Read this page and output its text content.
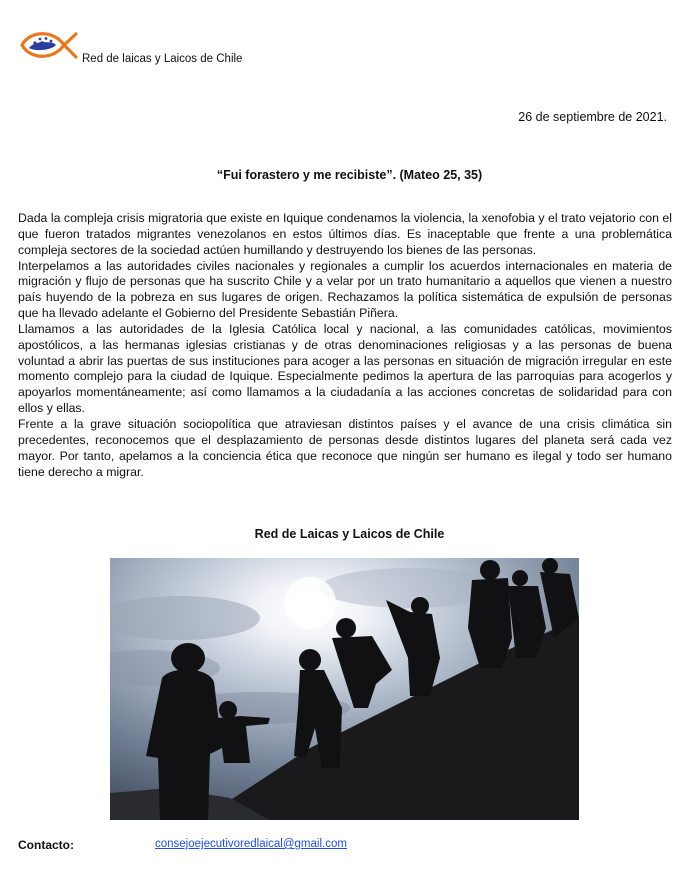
Red de laicas y Laicos de Chile
26 de septiembre de 2021.
“Fui forastero y me recibiste”. (Mateo 25, 35)

Dada la compleja crisis migratoria que existe en Iquique condenamos la violencia, la xenofobia y el trato vejatorio con el que fueron tratados migrantes venezolanos en estos últimos días. Es inaceptable que frente a una problemática compleja sectores de la sociedad actúen humillando y destruyendo los bienes de las personas.

Interpelamos a las autoridades civiles nacionales y regionales a cumplir los acuerdos internacionales en materia de migración y flujo de personas que ha suscrito Chile y a velar por un trato humanitario a aquellos que vienen a nuestro país huyendo de la pobreza en sus lugares de origen. Rechazamos la política sistemática de expulsión de personas que ha llevado adelante el Gobierno del Presidente Sebastián Piñera.

Llamamos a las autoridades de la Iglesia Católica local y nacional, a las comunidades católicas, movimientos apostólicos, a las hermanas iglesias cristianas y de otras denominaciones religiosas y a las personas de buena voluntad a abrir las puertas de sus instituciones para acoger a las personas en situación de migración irregular en este momento complejo para la ciudad de Iquique. Especialmente pedimos la apertura de las parroquias para acogerlos y apoyarlos momentáneamente; así como llamamos a la ciudadanía a las acciones concretas de solidaridad para con ellos y ellas.

Frente a la grave situación sociopolítica que atraviesan distintos países y el avance de una crisis climática sin precedentes, reconocemos que el desplazamiento de personas desde distintos lugares del planeta será cada vez mayor. Por tanto, apelamos a la conciencia ética que reconoce que ningún ser humano es ilegal y todo ser humano tiene derecho a migrar.

Red de Laicas y Laicos de Chile
Contacto:	consejoejecutivoredlaical@gmail.com
